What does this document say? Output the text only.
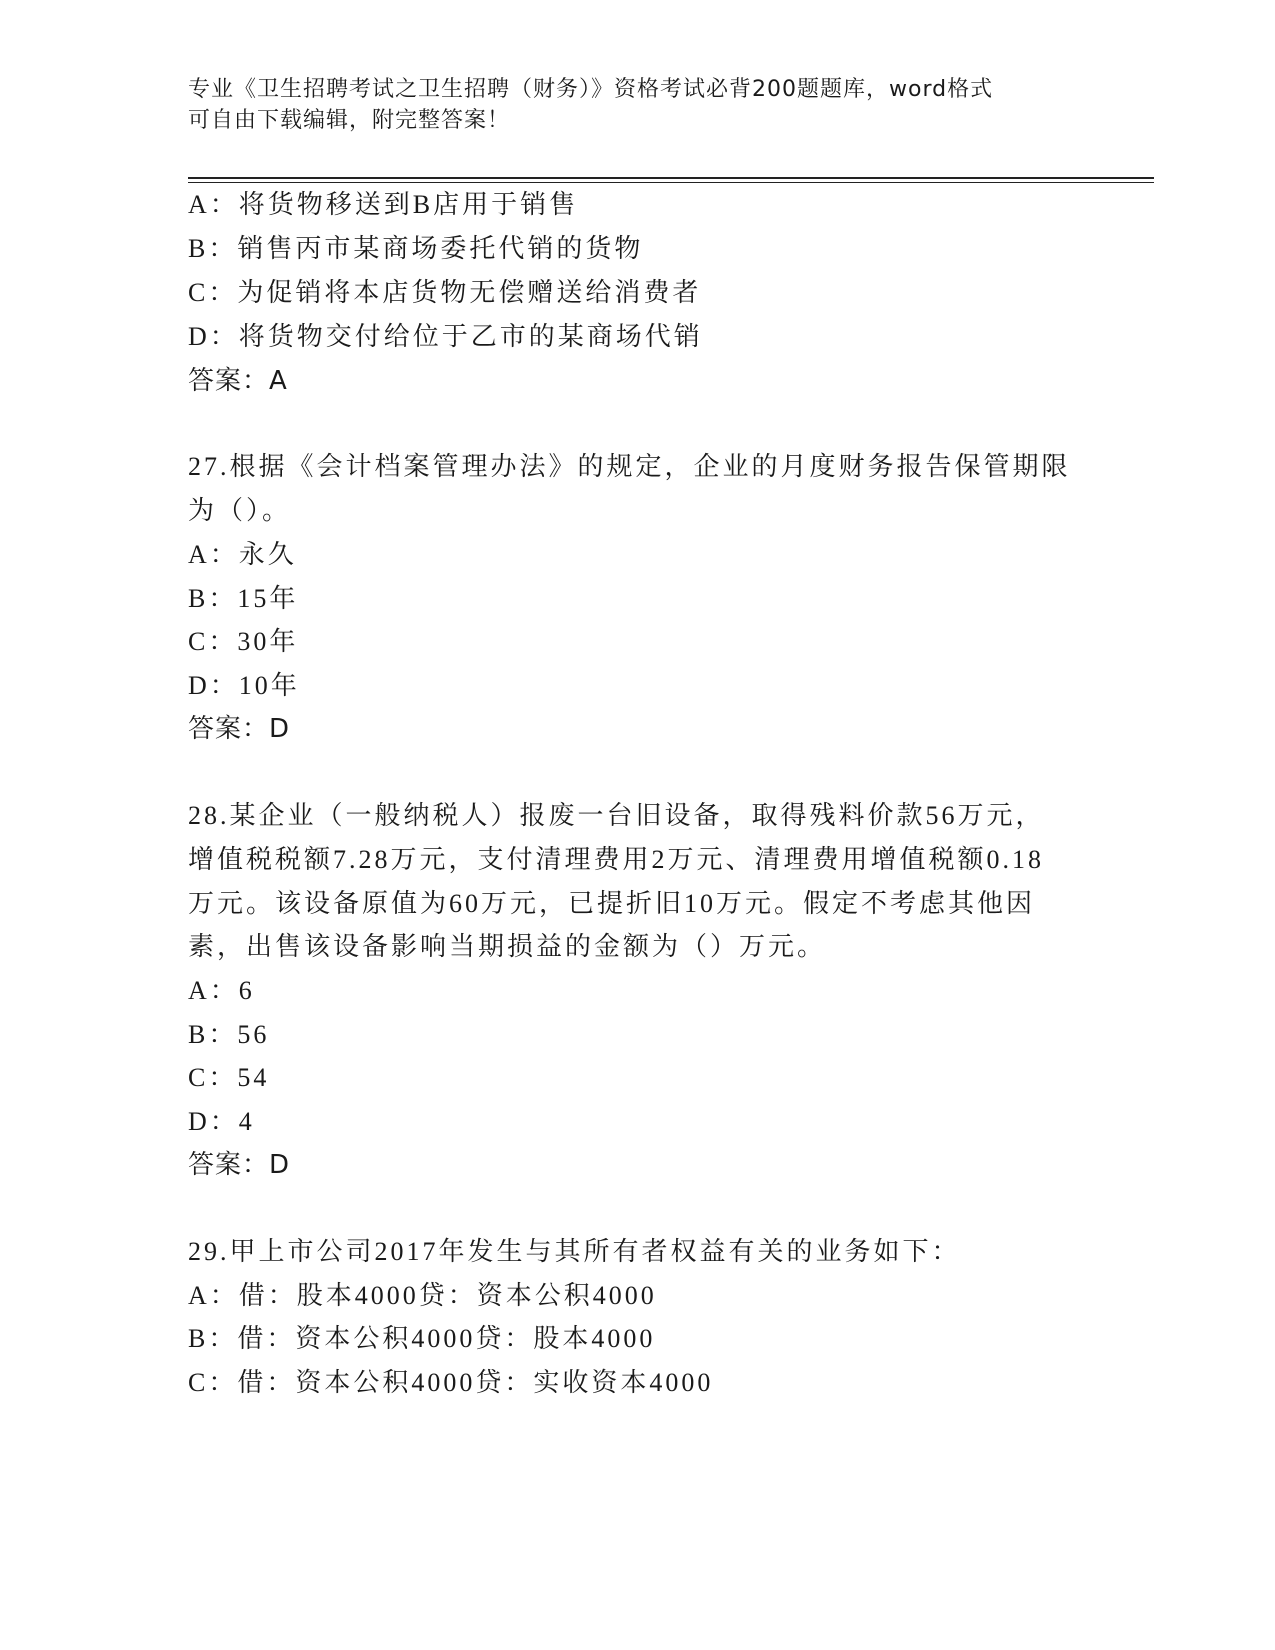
专业《卫生招聘考试之卫生招聘（财务）》资格考试必背200题题库，word格式
可自由下载编辑，附完整答案！
A：将货物移送到B店用于销售
B：销售丙市某商场委托代销的货物
C：为促销将本店货物无偿赠送给消费者
D：将货物交付给位于乙市的某商场代销
答案：A
27.根据《会计档案管理办法》的规定，企业的月度财务报告保管期限
为（）。
A：永久
B：15年
C：30年
D：10年
答案：D
28.某企业（一般纳税人）报废一台旧设备，取得残料价款56万元，
增值税税额7.28万元，支付清理费用2万元、清理费用增值税额0.18
万元。该设备原值为60万元，已提折旧10万元。假定不考虑其他因
素，出售该设备影响当期损益的金额为（）万元。
A：6
B：56
C：54
D：4
答案：D
29.甲上市公司2017年发生与其所有者权益有关的业务如下：
A：借：股本4000贷：资本公积4000
B：借：资本公积4000贷：股本4000
C：借：资本公积4000贷：实收资本4000
